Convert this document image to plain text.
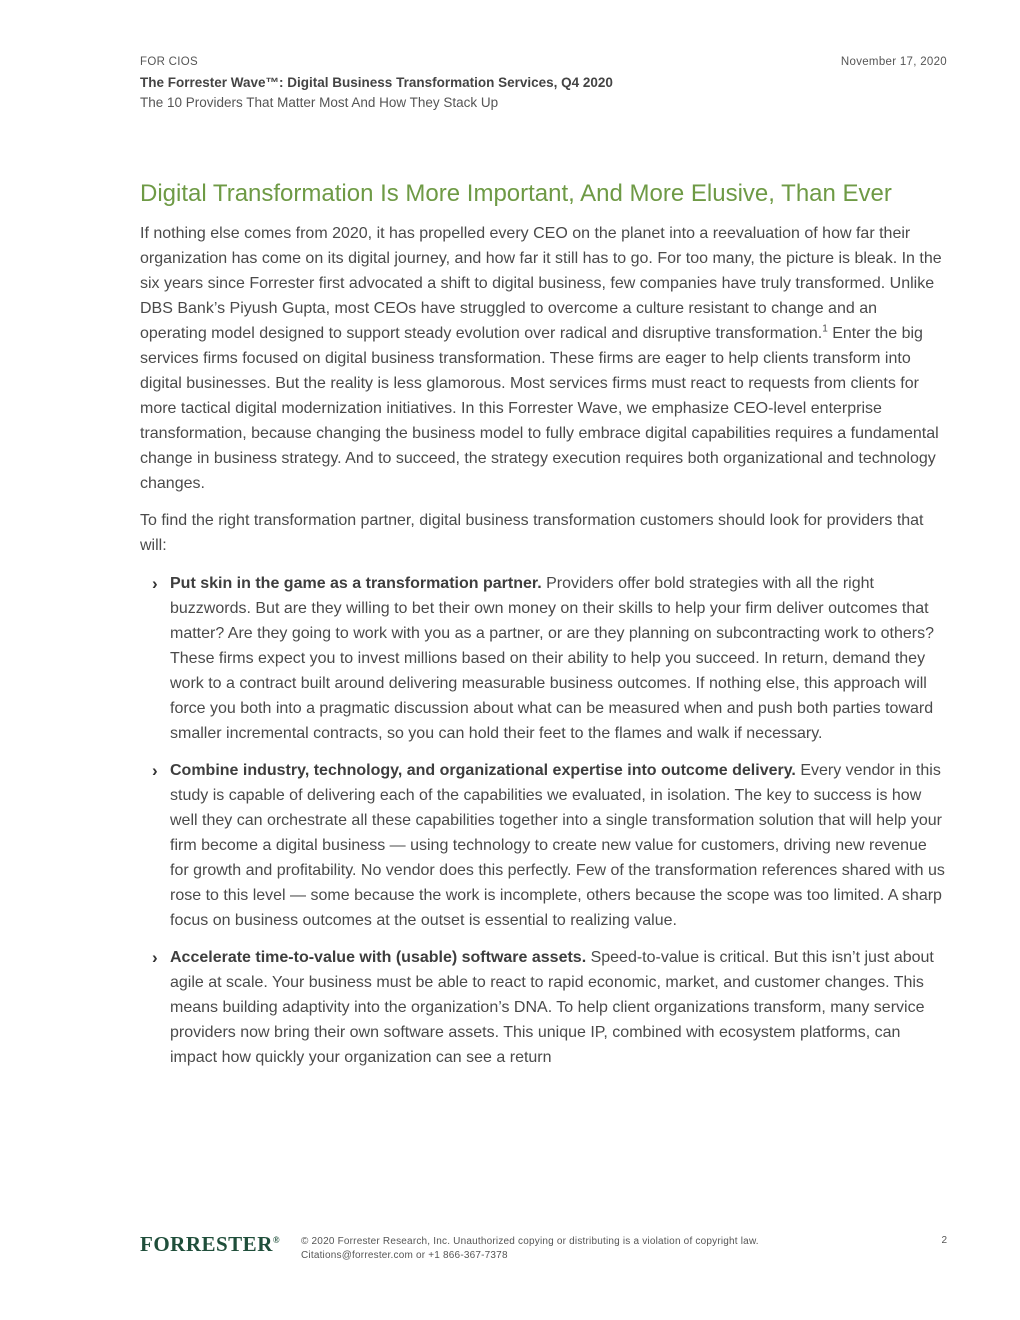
FOR CIOS	November 17, 2020
The Forrester Wave™: Digital Business Transformation Services, Q4 2020
The 10 Providers That Matter Most And How They Stack Up
Digital Transformation Is More Important, And More Elusive, Than Ever

If nothing else comes from 2020, it has propelled every CEO on the planet into a reevaluation of how far their organization has come on its digital journey, and how far it still has to go. For too many, the picture is bleak. In the six years since Forrester first advocated a shift to digital business, few companies have truly transformed. Unlike DBS Bank’s Piyush Gupta, most CEOs have struggled to overcome a culture resistant to change and an operating model designed to support steady evolution over radical and disruptive transformation.$^1$ Enter the big services firms focused on digital business transformation. These firms are eager to help clients transform into digital businesses. But the reality is less glamorous. Most services firms must react to requests from clients for more tactical digital modernization initiatives. In this Forrester Wave, we emphasize CEO-level enterprise transformation, because changing the business model to fully embrace digital capabilities requires a fundamental change in business strategy. And to succeed, the strategy execution requires both organizational and technology changes.

To find the right transformation partner, digital business transformation customers should look for providers that will:

› Put skin in the game as a transformation partner. Providers offer bold strategies with all the right buzzwords. But are they willing to bet their own money on their skills to help your firm deliver outcomes that matter? Are they going to work with you as a partner, or are they planning on subcontracting work to others? These firms expect you to invest millions based on their ability to help you succeed. In return, demand they work to a contract built around delivering measurable business outcomes. If nothing else, this approach will force you both into a pragmatic discussion about what can be measured when and push both parties toward smaller incremental contracts, so you can hold their feet to the flames and walk if necessary.
› Combine industry, technology, and organizational expertise into outcome delivery. Every vendor in this study is capable of delivering each of the capabilities we evaluated, in isolation. The key to success is how well they can orchestrate all these capabilities together into a single transformation solution that will help your firm become a digital business — using technology to create new value for customers, driving new revenue for growth and profitability. No vendor does this perfectly. Few of the transformation references shared with us rose to this level — some because the work is incomplete, others because the scope was too limited. A sharp focus on business outcomes at the outset is essential to realizing value.
› Accelerate time-to-value with (usable) software assets. Speed-to-value is critical. But this isn’t just about agile at scale. Your business must be able to react to rapid economic, market, and customer changes. This means building adaptivity into the organization’s DNA. To help client organizations transform, many service providers now bring their own software assets. This unique IP, combined with ecosystem platforms, can impact how quickly your organization can see a return
FORRESTER® © 2020 Forrester Research, Inc. Unauthorized copying or distributing is a violation of copyright law.
Citations@forrester.com or +1 866-367-7378
2
